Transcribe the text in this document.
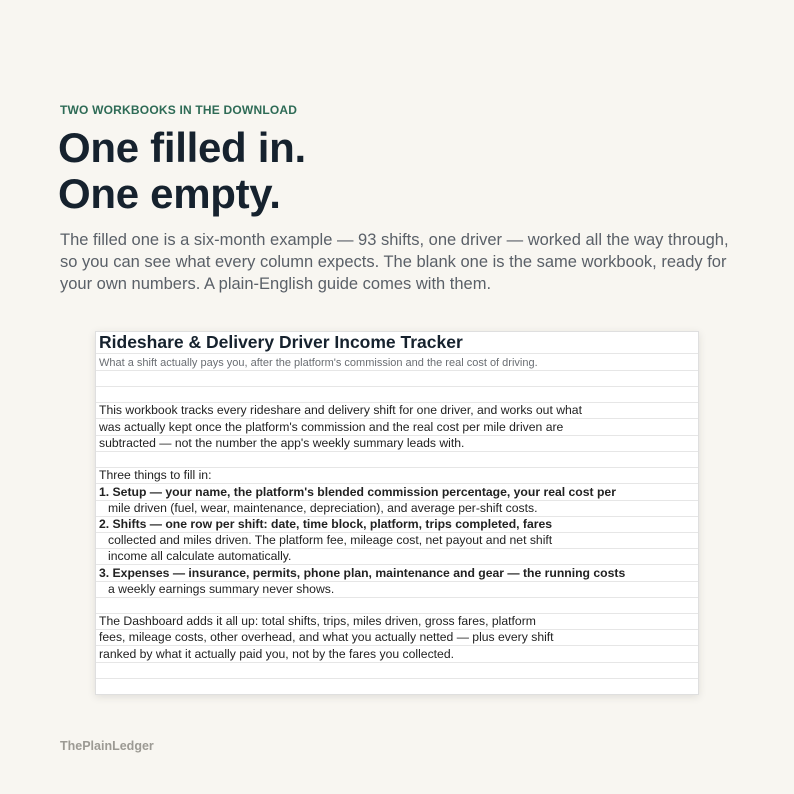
TWO WORKBOOKS IN THE DOWNLOAD
One filled in.
One empty.

The filled one is a six-month example — 93 shifts, one driver — worked all the way through, so you can see what every column expects. The blank one is the same workbook, ready for your own numbers. A plain-English guide comes with them.

Rideshare & Delivery Driver Income Tracker
What a shift actually pays you, after the platform's commission and the real cost of driving.
This workbook tracks every rideshare and delivery shift for one driver, and works out what
was actually kept once the platform's commission and the real cost per mile driven are
subtracted — not the number the app's weekly summary leads with.
Three things to fill in:
1. Setup — your name, the platform's blended commission percentage, your real cost per
mile driven (fuel, wear, maintenance, depreciation), and average per-shift costs.
2. Shifts — one row per shift: date, time block, platform, trips completed, fares
collected and miles driven. The platform fee, mileage cost, net payout and net shift
income all calculate automatically.
3. Expenses — insurance, permits, phone plan, maintenance and gear — the running costs
a weekly earnings summary never shows.
The Dashboard adds it all up: total shifts, trips, miles driven, gross fares, platform
fees, mileage costs, other overhead, and what you actually netted — plus every shift
ranked by what it actually paid you, not by the fares you collected.
ThePlainLedger
